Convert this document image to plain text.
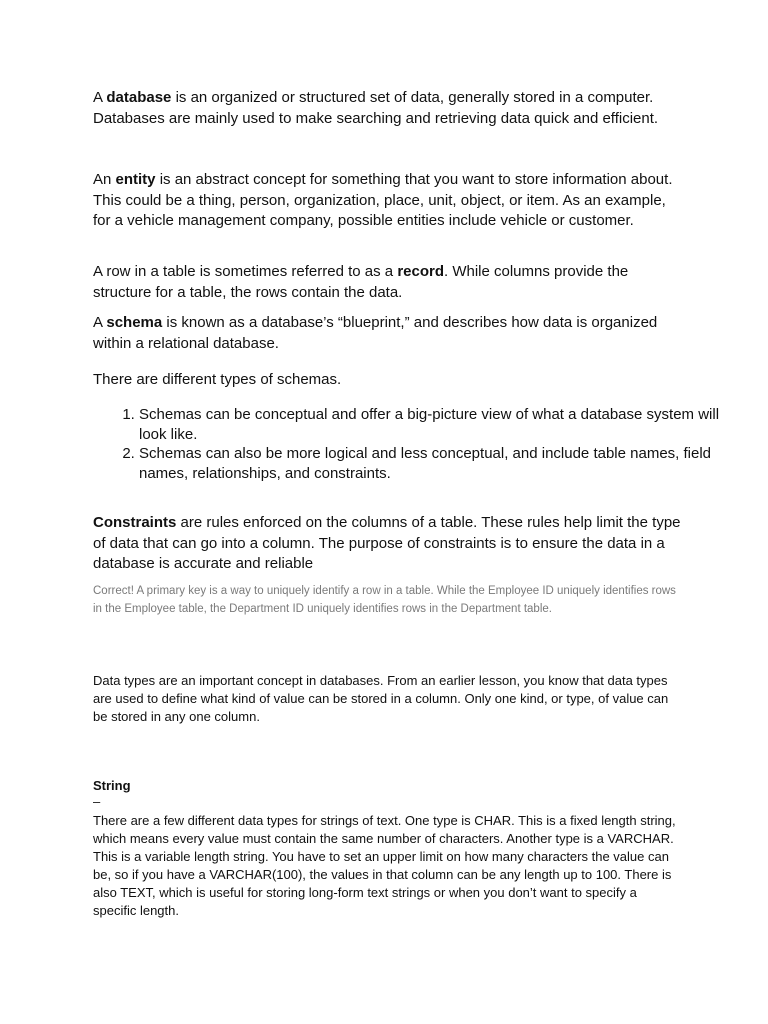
A database is an organized or structured set of data, generally stored in a computer. Databases are mainly used to make searching and retrieving data quick and efficient.

An entity is an abstract concept for something that you want to store information about. This could be a thing, person, organization, place, unit, object, or item. As an example, for a vehicle management company, possible entities include vehicle or customer.

A row in a table is sometimes referred to as a record. While columns provide the structure for a table, the rows contain the data.

A schema is known as a database’s “blueprint,” and describes how data is organized within a relational database.

There are different types of schemas.

1. Schemas can be conceptual and offer a big-picture view of what a database system will look like.
2. Schemas can also be more logical and less conceptual, and include table names, field names, relationships, and constraints.

Constraints are rules enforced on the columns of a table. These rules help limit the type of data that can go into a column. The purpose of constraints is to ensure the data in a database is accurate and reliable

Correct! A primary key is a way to uniquely identify a row in a table. While the Employee ID uniquely identifies rows in the Employee table, the Department ID uniquely identifies rows in the Department table.

Data types are an important concept in databases. From an earlier lesson, you know that data types are used to define what kind of value can be stored in a column. Only one kind, or type, of value can be stored in any one column.

String
–

There are a few different data types for strings of text. One type is CHAR. This is a fixed length string, which means every value must contain the same number of characters. Another type is a VARCHAR. This is a variable length string. You have to set an upper limit on how many characters the value can be, so if you have a VARCHAR(100), the values in that column can be any length up to 100. There is also TEXT, which is useful for storing long-form text strings or when you don’t want to specify a specific length.
